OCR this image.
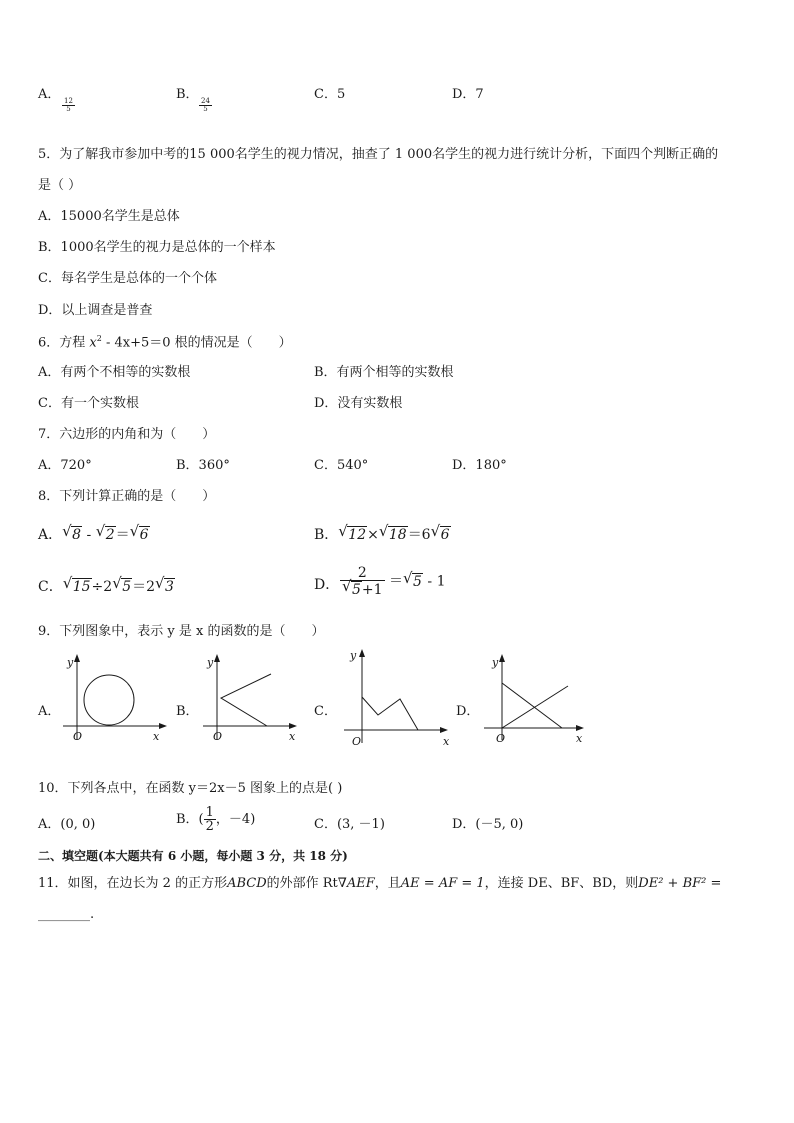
A．
$\frac{12}{5}$
B．
$\frac{24}{5}$
C．5	D．7
5．为了解我市参加中考的15 000名学生的视力情况，抽查了 1 000名学生的视力进行统计分析，下面四个判断正确的
是（ ）
A．15000名学生是总体
B．1000名学生的视力是总体的一个样本
C．每名学生是总体的一个个体
D．以上调查是普查
6．方程 $x^2 - 4x+5=0$ 根的情况是（　　）
A．有两个不相等的实数根	B．有两个相等的实数根
C．有一个实数根	D．没有实数根
7．六边形的内角和为（　　）
A．720°	B．360°	C．540°	D．180°
8．下列计算正确的是（　　）
A． √ 8 - √ 2＝ √ 6	B． √ 12× √ 18＝6 √ 6
C． √ 15÷2 √ 5＝2 √ 3	D． 2
√ 5+1 ＝ √ 5 - 1
9．下列图象中，表示 y 是 x 的函数的是（　　）
A．
y
x
O
B．
y
x
O
C．
y
x
O
D．
y
x
O
10．下列各点中，在函数 y＝2x－5 图象上的点是( )
A．(0, 0)	B．( $\frac{1}{2}$ ，－4)	C．(3, －1)	D．(－5, 0)
二、填空题(本大题共有 6 小题，每小题 3 分，共 18 分)
11．如图，在边长为 2 的正方形ABCD的外部作 Rt∇AEF，且AE = AF = 1，连接 DE、BF、BD，则DE² + BF² =
________.
